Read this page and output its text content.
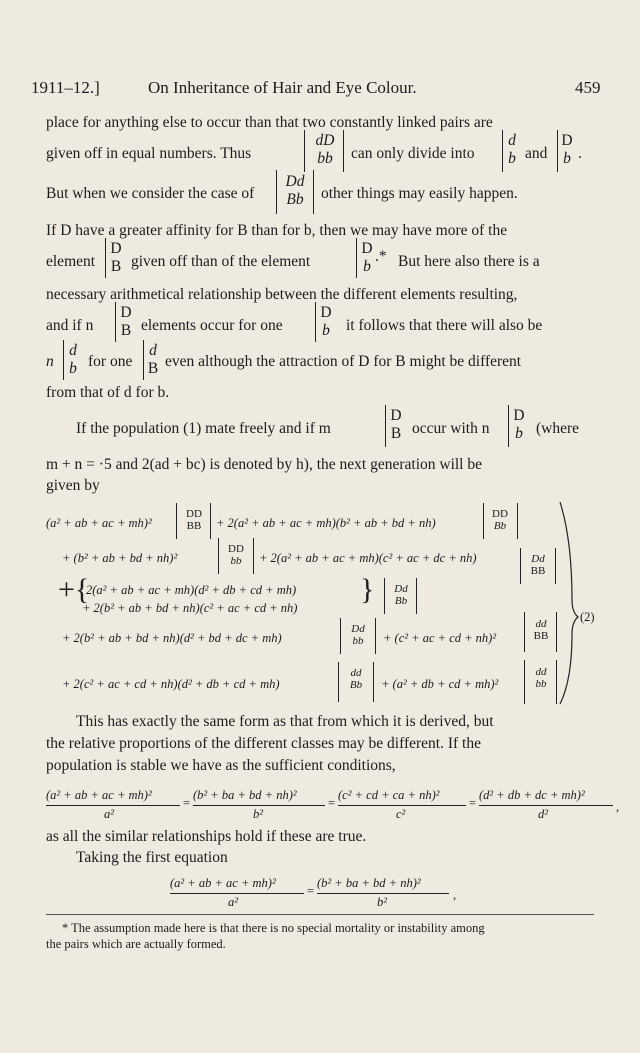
1911–12.]	On Inheritance of Hair and Eye Colour.	459
place for anything else to occur than that two constantly linked pairs are
given off in equal numbers. Thus
dD
bb can only divide into
d
b and
D
b .
But when we consider the case of
Dd
Bb other things may easily happen.
If D have a greater affinity for B than for b, then we may have more of the
element
D
B given off than of the element
D
b
.* But here also there is a
necessary arithmetical relationship between the different elements resulting,
and if n
D
B elements occur for one
D
b it follows that there will also be
n
d
b for one
d
B even although the attraction of D for B might be different
from that of d for b.
If the population (1) mate freely and if m
D
B occur with n
D
b (where
m + n = ·5 and 2(ad + bc) is denoted by h), the next generation will be
given by
(a² + ab + ac + mh)²
DD
BB + 2(a² + ab + ac + mh)(b² + ab + bd + nh)
DD
Bb
+ (b² + ab + bd + nh)²
DD
bb + 2(a² + ab + ac + mh)(c² + ac + dc + nh)	Dd
BB
+{
2(a² + ab + ac + mh)(d² + db + cd + mh)
+ 2(b² + ab + bd + nh)(c² + ac + cd + nh)
} Dd
Bb
+ 2(b² + ab + bd + nh)(d² + bd + dc + mh)
Dd
bb + (c² + ac + cd + nh)²
dd
BB
+ 2(c² + ac + cd + nh)(d² + db + cd + mh)
dd
Bb + (a² + db + cd + mh)²
dd
bb
(2)
This has exactly the same form as that from which it is derived, but
the relative proportions of the different classes may be different. If the
population is stable we have as the sufficient conditions,
(a² + ab + ac + mh)²
a²
=
(b² + ba + bd + nh)²
b²
=
(c² + cd + ca + nh)²
c²
=
(d² + db + dc + mh)²
d²	,
as all the similar relationships hold if these are true.
Taking the first equation
(a² + ab + ac + mh)²
a²
=
(b² + ba + bd + nh)²
b²	,
* The assumption made here is that there is no special mortality or instability among
the pairs which are actually formed.
